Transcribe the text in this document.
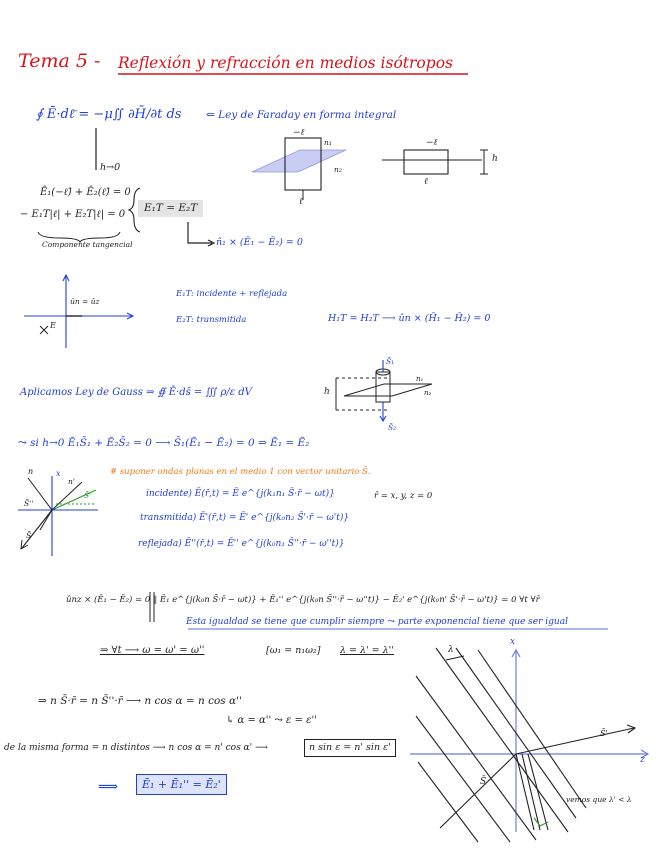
Tema 5 - Reflexión y refracción en medios isótropos
∮ Ē·dℓ̄ = −μ∬ ∂H̄/∂t ds ⇐ Ley de Faraday en forma integral
h→0
Ē₁(−ℓ̂) + Ē₂(ℓ̂) = 0
− E₁T|ℓ| + E₂T|ℓ| = 0
E₁T = E₂T
Componente tangencial	n̂₁ × (Ē₁ − Ē₂) = 0
−ℓ
ℓ
n₁
n₂
−ℓ
ℓ
h
ûn = ûz
E
E₁T: incidente + reflejada
E₂T: transmitida	H₁T = H₂T ⟶ ûn × (H̄₁ − H̄₂) = 0
Aplicamos Ley de Gauss ⇒ ∯ Ē·ds̄ = ∭ ρ/ε dV	h
n₁
n₂
S̄₁
S̄₂
⤳ si h→0 Ē₁S̄₁ + Ē₂S̄₂ = 0 ⟶ S̄₁(Ē₁ − Ē₂) = 0 ⇒ Ē₁ = Ē₂
# suponer ondas planas en el medio 1 con vector unitario S̄.
incidente) Ē(r̄,t) = Ē e^{j(k₁n₁ S̄·r̄ − ωt)}
transmitida) Ē'(r̄,t) = Ē' e^{j(k₀n₂ S̄'·r̄ − ω't)}
reflejada) Ē''(r̄,t) = Ē'' e^{j(k₀n₁ S̄''·r̄ − ω''t)}
r̄ = x, y, z = 0
n	x
n'
S̄'
S̄
S̄''
ûnz × (Ē₁ − Ē₂) = 0 ‖ Ē₁ e^{j(k₀n S̄·r̄ − ωt)} + Ē₁'' e^{j(k₀n S̄''·r̄ − ω''t)} − Ē₂' e^{j(k₀n' S̄'·r̄ − ω't)} = 0 ∀t ∀r̄
Esta igualdad se tiene que cumplir siempre ⤳ parte exponencial tiene que ser igual
⇒ ∀t ⟶ ω = ω' = ω''	[ω₁ = n₁ω₂] λ = λ' = λ''
⇒ n S̄·r̄ = n S̄''·r̄ ⟶ n cos α = n cos α''
↳ α = α'' ⤳ ε = ε''
de la misma forma = n distintos ⟶ n cos α = n' cos α' ⟶	n sin ε = n' sin ε'
⟹	Ē₁ + Ē₁'' = Ē₂'
x
z
S̄
S̄'
λ
vemos que λ' < λ
